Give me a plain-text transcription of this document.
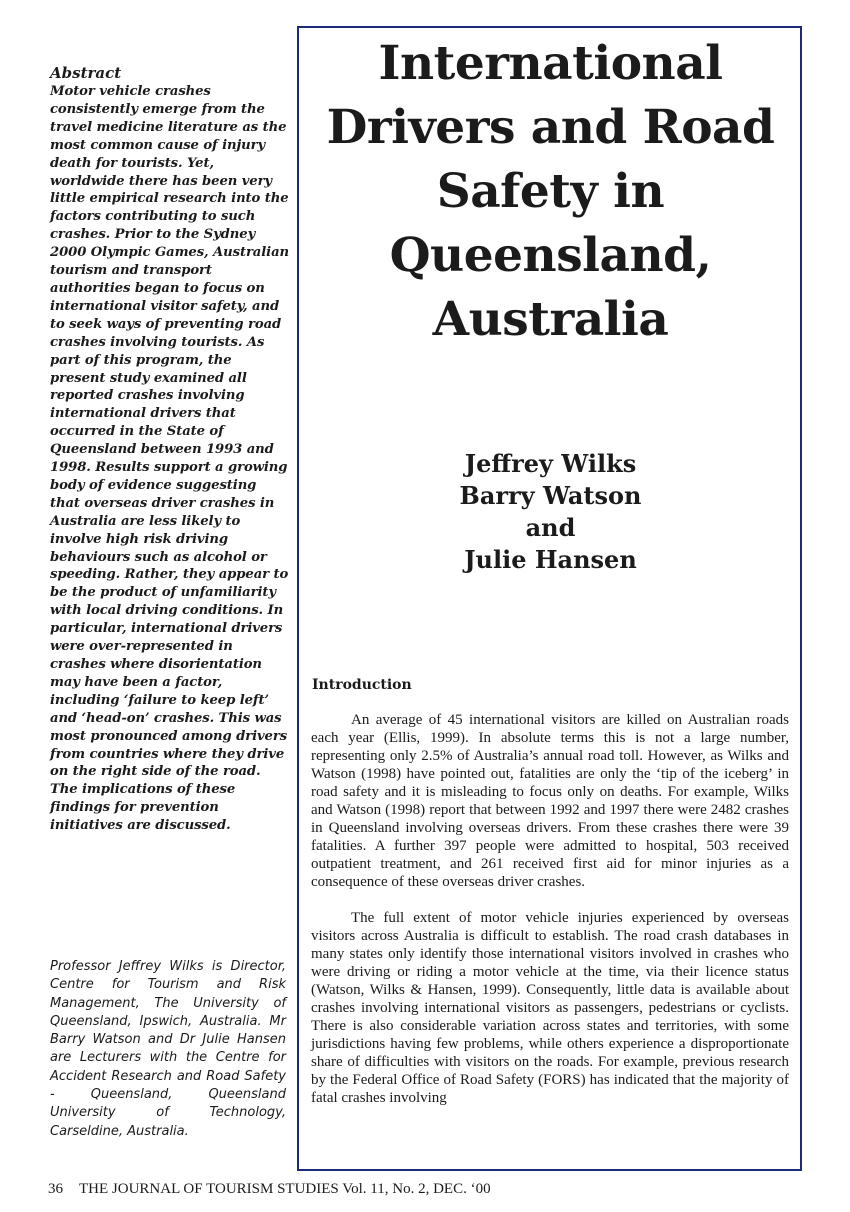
Abstract

Motor vehicle crashes consistently emerge from the travel medicine literature as the most common cause of injury death for tourists. Yet, worldwide there has been very little empirical research into the factors contributing to such crashes. Prior to the Sydney 2000 Olympic Games, Australian tourism and transport authorities began to focus on international visitor safety, and to seek ways of preventing road crashes involving tourists. As part of this program, the present study examined all reported crashes involving international drivers that occurred in the State of Queensland between 1993 and 1998. Results support a growing body of evidence suggesting that overseas driver crashes in Australia are less likely to involve high risk driving behaviours such as alcohol or speeding. Rather, they appear to be the product of unfamiliarity with local driving conditions. In particular, international drivers were over-represented in crashes where disorientation may have been a factor, including ‘failure to keep left’ and ‘head-on’ crashes. This was most pronounced among drivers from countries where they drive on the right side of the road. The implications of these findings for prevention initiatives are discussed.

Professor Jeffrey Wilks is Director, Centre for Tourism and Risk Management, The University of Queensland, Ipswich, Australia. Mr Barry Watson and Dr Julie Hansen are Lecturers with the Centre for Accident Research and Road Safety - Queensland, Queensland University of Technology, Carseldine, Australia.

International Drivers and Road Safety in Queensland, Australia
Jeffrey Wilks
Barry Watson
and
Julie Hansen
Introduction

An average of 45 international visitors are killed on Australian roads each year (Ellis, 1999). In absolute terms this is not a large number, representing only 2.5% of Australia’s annual road toll. However, as Wilks and Watson (1998) have pointed out, fatalities are only the ‘tip of the iceberg’ in road safety and it is misleading to focus only on deaths. For example, Wilks and Watson (1998) report that between 1992 and 1997 there were 2482 crashes in Queensland involving overseas drivers. From these crashes there were 39 fatalities. A further 397 people were admitted to hospital, 503 received outpatient treatment, and 261 received first aid for minor injuries as a consequence of these overseas driver crashes.

The full extent of motor vehicle injuries experienced by overseas visitors across Australia is difficult to establish. The road crash databases in many states only identify those international visitors involved in crashes who were driving or riding a motor vehicle at the time, via their licence status (Watson, Wilks & Hansen, 1999). Consequently, little data is available about crashes involving international visitors as passengers, pedestrians or cyclists. There is also considerable variation across states and territories, with some jurisdictions having few problems, while others experience a disproportionate share of difficulties with visitors on the roads. For example, previous research by the Federal Office of Road Safety (FORS) has indicated that the majority of fatal crashes involving

36 THE JOURNAL OF TOURISM STUDIES Vol. 11, No. 2, DEC. ‘00
